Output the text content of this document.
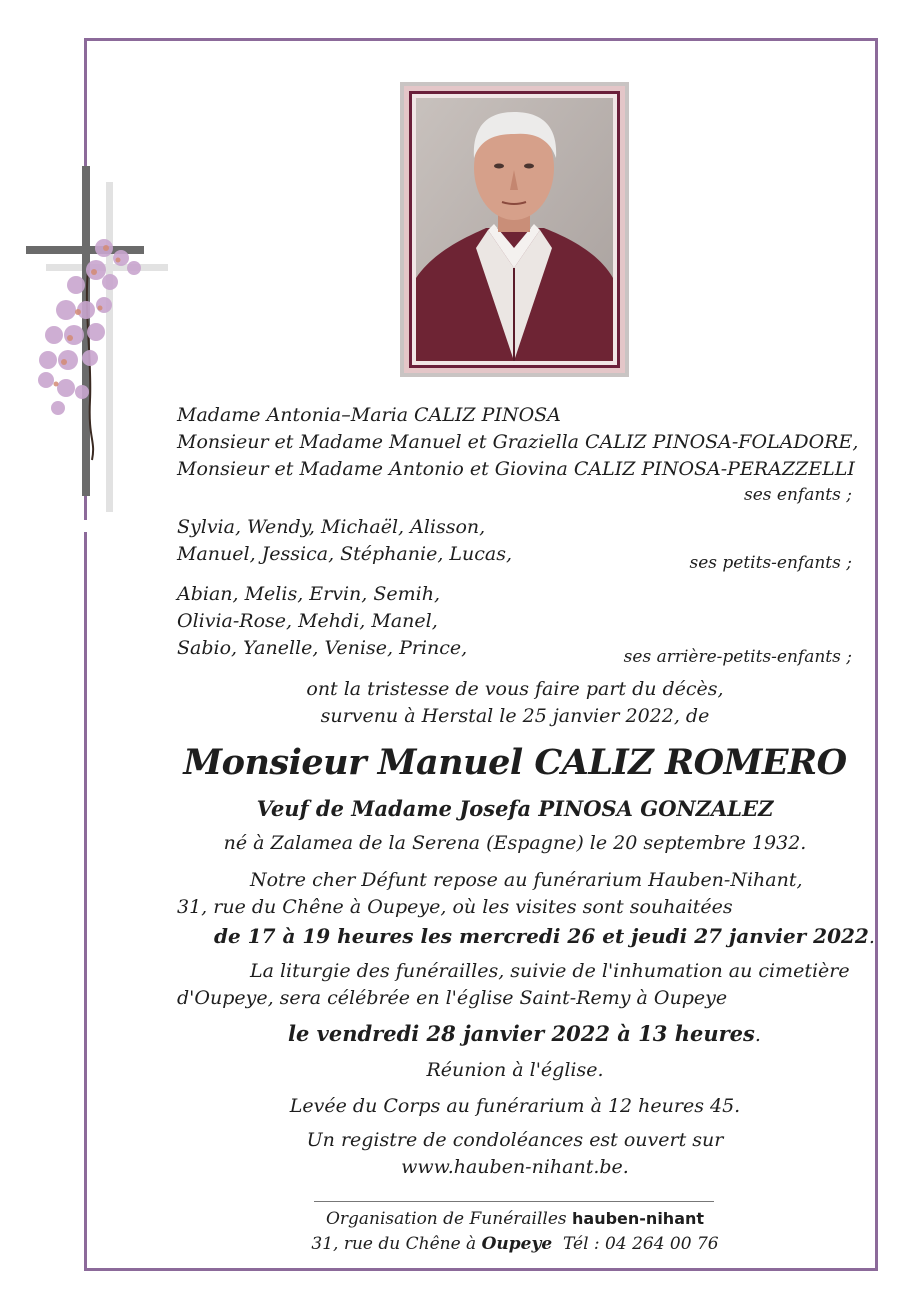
Madame Antonia–Maria CALIZ PINOSA
Monsieur et Madame Manuel et Graziella CALIZ PINOSA-FOLADORE,
Monsieur et Madame Antonio et Giovina CALIZ PINOSA-PERAZZELLI
ses enfants ;
Sylvia, Wendy, Michaël, Alisson,
Manuel, Jessica, Stéphanie, Lucas,	ses petits-enfants ;
Abian, Melis, Ervin, Semih,
Olivia-Rose, Mehdi, Manel,
Sabio, Yanelle, Venise, Prince,	ses arrière-petits-enfants ;
ont la tristesse de vous faire part du décès,
survenu à Herstal le 25 janvier 2022, de
Monsieur Manuel CALIZ ROMERO
Veuf de Madame Josefa PINOSA GONZALEZ
né à Zalamea de la Serena (Espagne) le 20 septembre 1932.
Notre cher Défunt repose au funérarium Hauben-Nihant,
31, rue du Chêne à Oupeye, où les visites sont souhaitées
de 17 à 19 heures les mercredi 26 et jeudi 27 janvier 2022.
La liturgie des funérailles, suivie de l'inhumation au cimetière
d'Oupeye, sera célébrée en l'église Saint-Remy à Oupeye
le vendredi 28 janvier 2022 à 13 heures.
Réunion à l'église.
Levée du Corps au funérarium à 12 heures 45.
Un registre de condoléances est ouvert sur
www.hauben-nihant.be.
Organisation de Funérailles hauben-nihant
31, rue du Chêne à Oupeye Tél : 04 264 00 76
